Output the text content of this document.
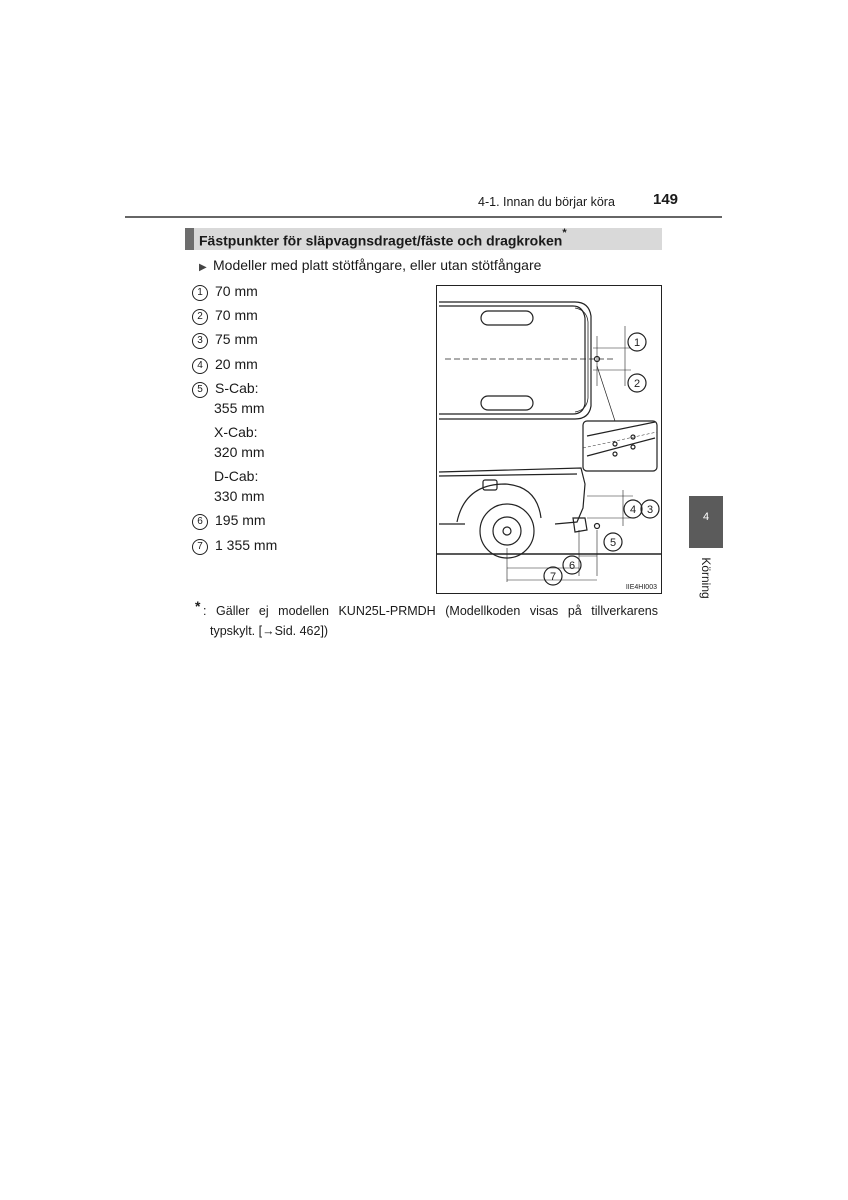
4-1. Innan du börjar köra	149
Fästpunkter för släpvagnsdraget/fäste och dragkroken*
▶ Modeller med platt stötfångare, eller utan stötfångare
1 70 mm
2 70 mm
3 75 mm
4 20 mm
5 S-Cab:
355 mm
X-Cab:
320 mm
D-Cab:
330 mm
6 195 mm
7 1 355 mm
1
2
3
4
5
6
7
IIE4HI003
* : Gäller ej modellen KUN25L-PRMDH (Modellkoden visas på tillverkarens
typskylt. [→Sid. 462])
4
Körning
